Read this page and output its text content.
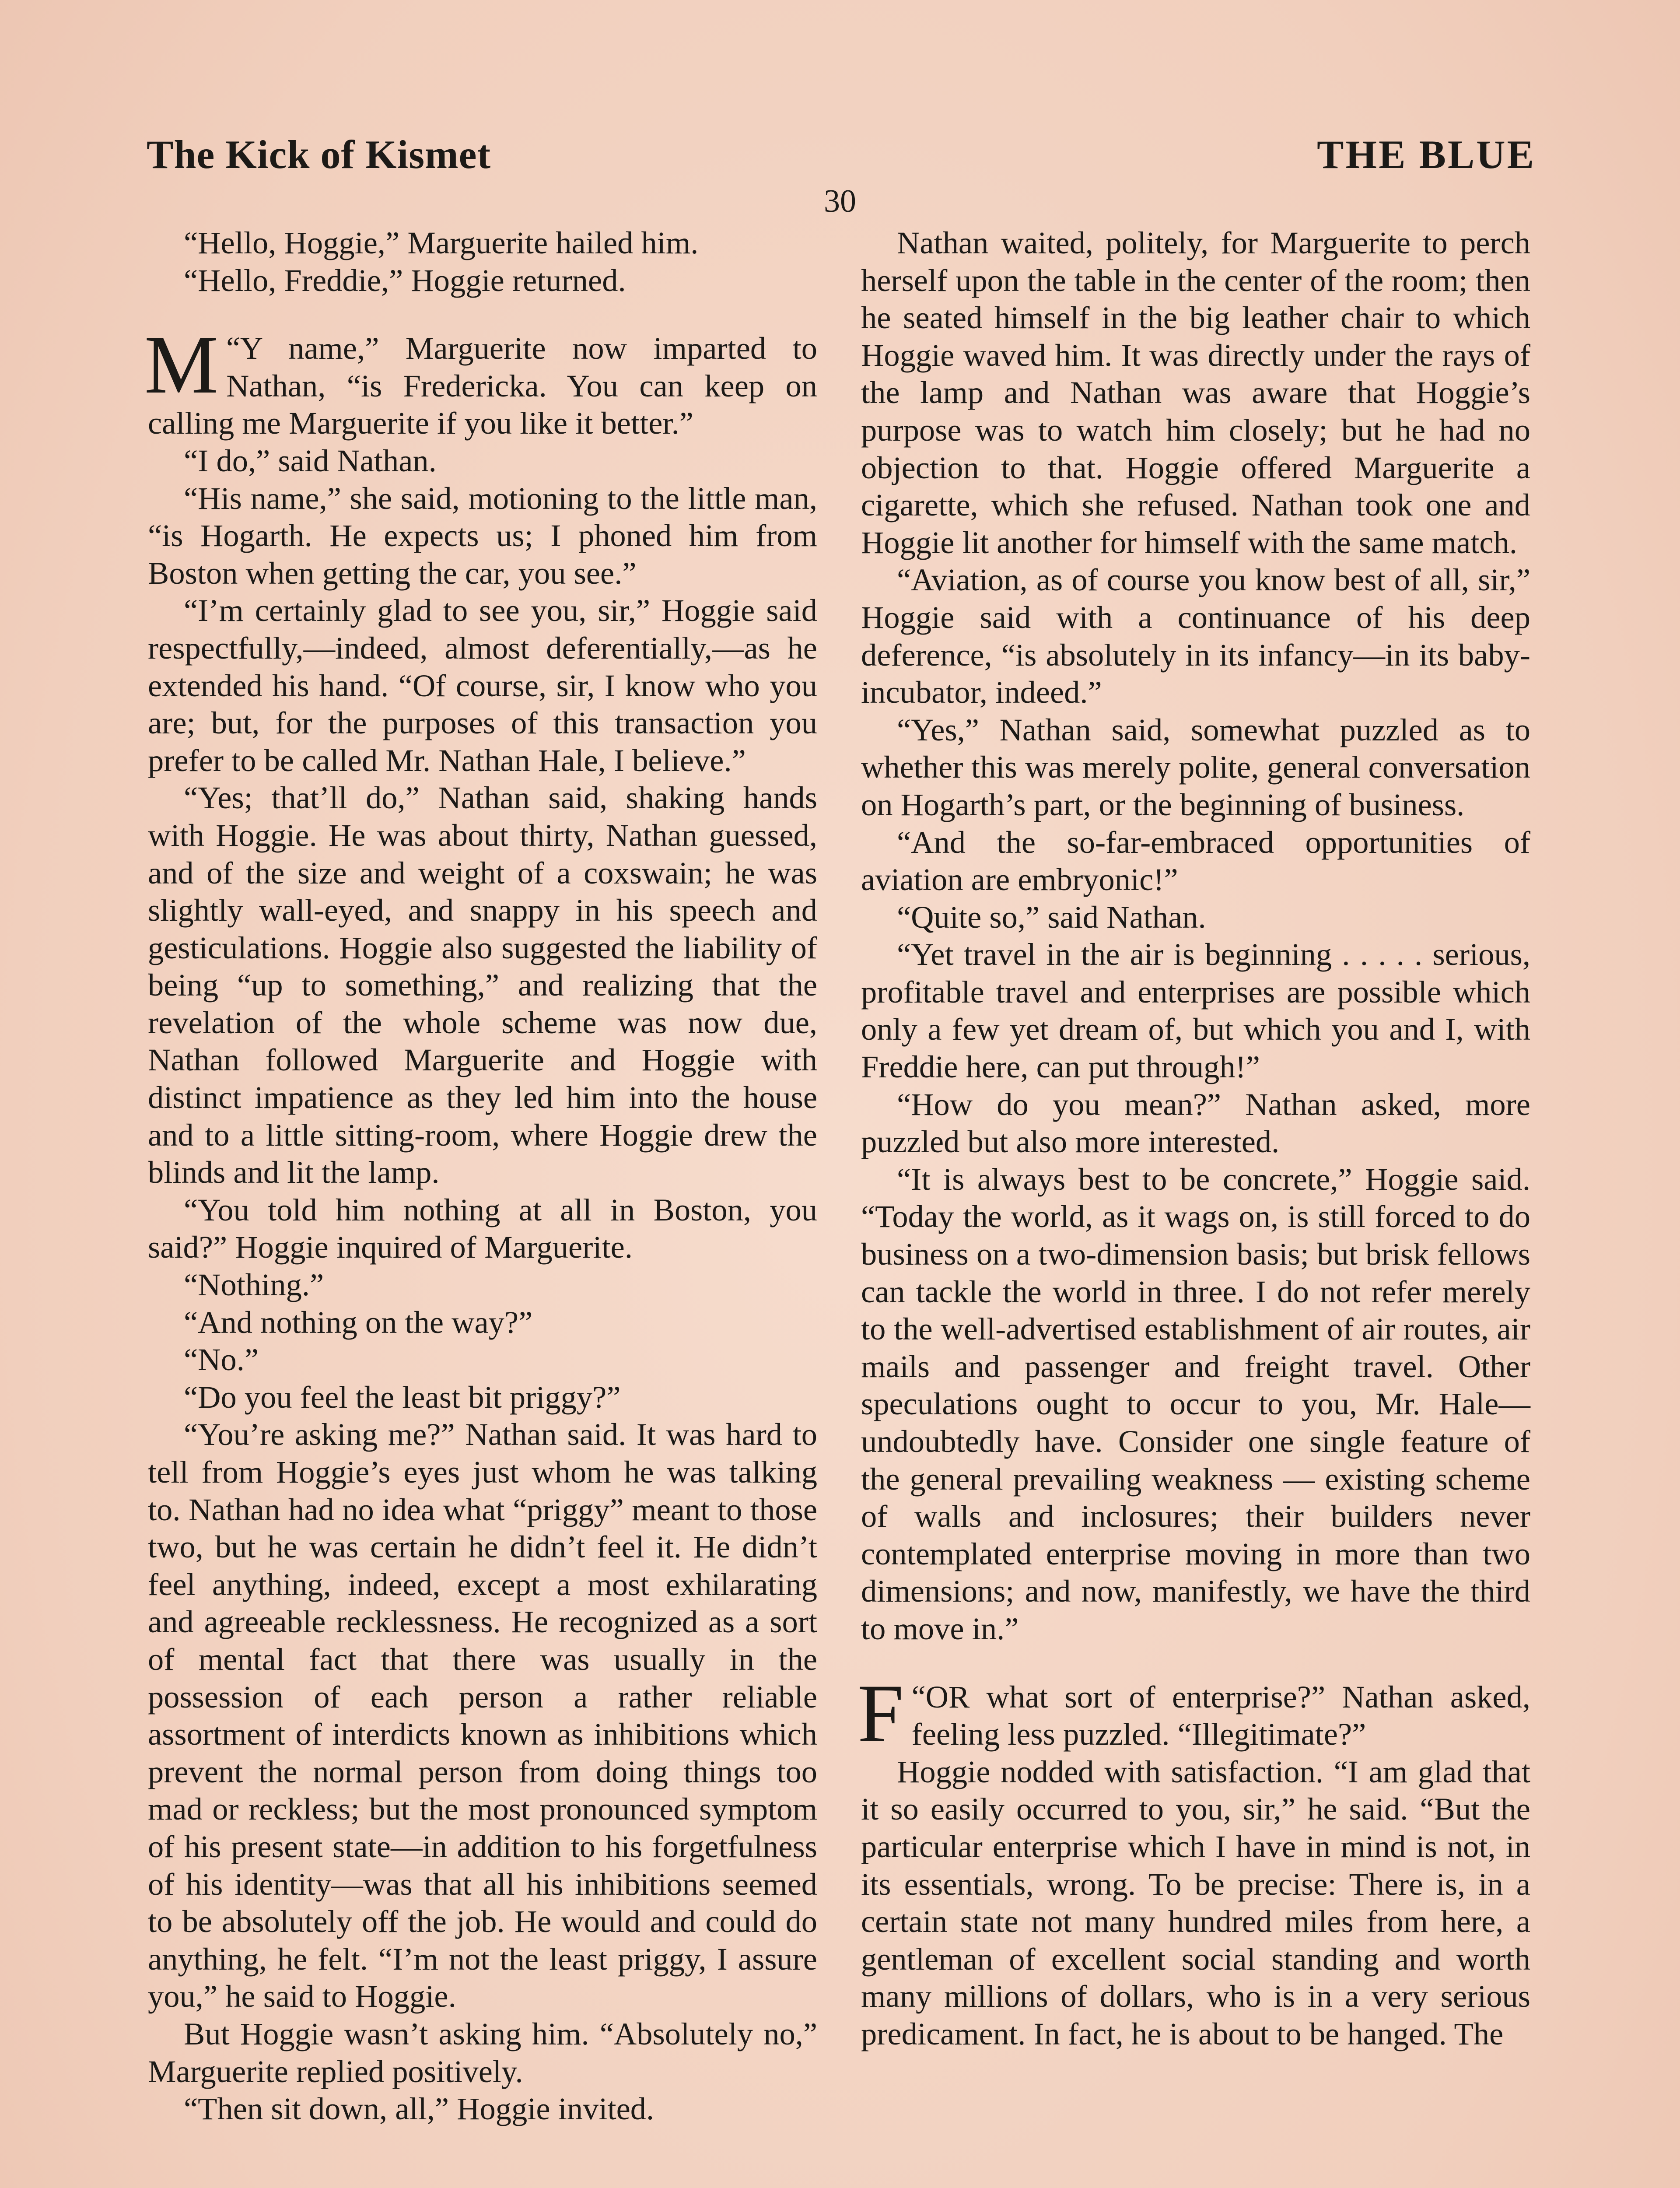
The Kick of Kismet	THE BLUE
30

“Hello, Hoggie,” Marguerite hailed him.

“Hello, Freddie,” Hoggie returned.

“
M Y name,” Marguerite now imparted to Nathan, “is Fredericka. You can keep on calling me Marguerite if you like it better.”

“I do,” said Nathan.

“His name,” she said, motioning to the little man, “is Hogarth. He expects us; I phoned him from Boston when getting the car, you see.”

“I’m certainly glad to see you, sir,” Hoggie said respectfully,—indeed, almost deferentially,—as he extended his hand. “Of course, sir, I know who you are; but, for the purposes of this transaction you prefer to be called Mr. Nathan Hale, I believe.”

“Yes; that’ll do,” Nathan said, shaking hands with Hoggie. He was about thirty, Nathan guessed, and of the size and weight of a coxswain; he was slightly wall-eyed, and snappy in his speech and gesticulations. Hoggie also suggested the liability of being “up to something,” and realizing that the revelation of the whole scheme was now due, Nathan followed Marguerite and Hoggie with distinct impatience as they led him into the house and to a little sitting-room, where Hoggie drew the blinds and lit the lamp.

“You told him nothing at all in Boston, you said?” Hoggie inquired of Marguerite.

“Nothing.”

“And nothing on the way?”

“No.”

“Do you feel the least bit priggy?”

“You’re asking me?” Nathan said. It was hard to tell from Hoggie’s eyes just whom he was talking to. Nathan had no idea what “priggy” meant to those two, but he was certain he didn’t feel it. He didn’t feel anything, indeed, except a most exhilarating and agreeable recklessness. He recognized as a sort of mental fact that there was usually in the possession of each person a rather reliable assortment of interdicts known as inhibitions which prevent the normal person from doing things too mad or reckless; but the most pronounced symptom of his present state—in addition to his forgetfulness of his identity—was that all his inhibitions seemed to be absolutely off the job. He would and could do anything, he felt. “I’m not the least priggy, I assure you,” he said to Hoggie.

But Hoggie wasn’t asking him. “Absolutely no,” Marguerite replied positively.

“Then sit down, all,” Hoggie invited.

Nathan waited, politely, for Marguerite to perch herself upon the table in the center of the room; then he seated himself in the big leather chair to which Hoggie waved him. It was directly under the rays of the lamp and Nathan was aware that Hoggie’s purpose was to watch him closely; but he had no objection to that. Hoggie offered Marguerite a cigarette, which she refused. Nathan took one and Hoggie lit another for himself with the same match.

“Aviation, as of course you know best of all, sir,” Hoggie said with a continuance of his deep deference, “is absolutely in its infancy—in its baby-incubator, indeed.”

“Yes,” Nathan said, somewhat puzzled as to whether this was merely polite, general conversation on Hogarth’s part, or the beginning of business.

“And the so-far-embraced opportunities of aviation are embryonic!”

“Quite so,” said Nathan.

“Yet travel in the air is beginning . . . . . serious, profitable travel and enterprises are possible which only a few yet dream of, but which you and I, with Freddie here, can put through!”

“How do you mean?” Nathan asked, more puzzled but also more interested.

“It is always best to be concrete,” Hoggie said. “Today the world, as it wags on, is still forced to do business on a two-dimension basis; but brisk fellows can tackle the world in three. I do not refer merely to the well-advertised establishment of air routes, air mails and passenger and freight travel. Other speculations ought to occur to you, Mr. Hale—undoubtedly have. Consider one single feature of the general prevailing weakness — existing scheme of walls and inclosures; their builders never contemplated enterprise moving in more than two dimensions; and now, manifestly, we have the third to move in.”

“
F OR what sort of enterprise?” Nathan asked, feeling less puzzled. “Illegitimate?”

Hoggie nodded with satisfaction. “I am glad that it so easily occurred to you, sir,” he said. “But the particular enterprise which I have in mind is not, in its essentials, wrong. To be precise: There is, in a certain state not many hundred miles from here, a gentleman of excellent social standing and worth many millions of dollars, who is in a very serious predicament. In fact, he is about to be hanged. The
